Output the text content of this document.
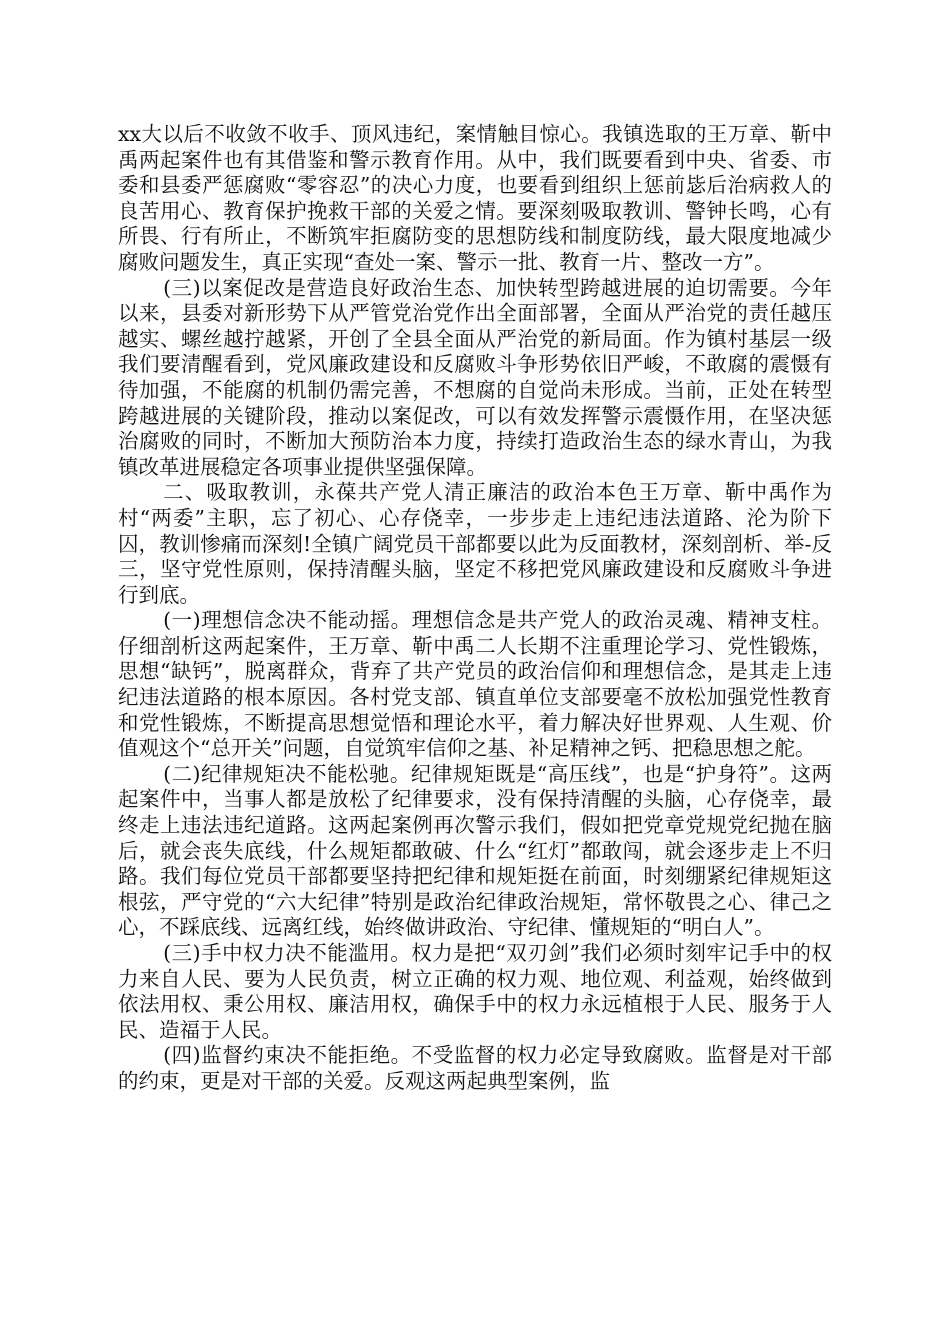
xx大以后不收敛不收手、顶风违纪，案情触目惊心。我镇选取的王万章、靳中禹两起案件也有其借鉴和警示教育作用。从中，我们既要看到中央、省委、市委和县委严惩腐败“零容忍”的决心力度，也要看到组织上惩前毖后治病救人的良苦用心、教育保护挽救干部的关爱之情。要深刻吸取教训、警钟长鸣，心有所畏、行有所止，不断筑牢拒腐防变的思想防线和制度防线，最大限度地减少腐败问题发生，真正实现“查处一案、警示一批、教育一片、整改一方”。

(三)以案促改是营造良好政治生态、加快转型跨越进展的迫切需要。今年以来，县委对新形势下从严管党治党作出全面部署，全面从严治党的责任越压越实、螺丝越拧越紧，开创了全县全面从严治党的新局面。作为镇村基层一级我们要清醒看到，党风廉政建设和反腐败斗争形势依旧严峻，不敢腐的震慑有待加强，不能腐的机制仍需完善，不想腐的自觉尚未形成。当前，正处在转型跨越进展的关键阶段，推动以案促改，可以有效发挥警示震慑作用，在坚决惩治腐败的同时，不断加大预防治本力度，持续打造政治生态的绿水青山，为我镇改革进展稳定各项事业提供坚强保障。

二、吸取教训，永葆共产党人清正廉洁的政治本色王万章、靳中禹作为村“两委”主职，忘了初心、心存侥幸，一步步走上违纪违法道路、沦为阶下囚，教训惨痛而深刻!全镇广阔党员干部都要以此为反面教材，深刻剖析、举-反三，坚守党性原则，保持清醒头脑，坚定不移把党风廉政建设和反腐败斗争进行到底。

(一)理想信念决不能动摇。理想信念是共产党人的政治灵魂、精神支柱。仔细剖析这两起案件，王万章、靳中禹二人长期不注重理论学习、党性锻炼，思想“缺钙”，脱离群众，背弃了共产党员的政治信仰和理想信念，是其走上违纪违法道路的根本原因。各村党支部、镇直单位支部要毫不放松加强党性教育和党性锻炼，不断提高思想觉悟和理论水平，着力解决好世界观、人生观、价值观这个“总开关”问题，自觉筑牢信仰之基、补足精神之钙、把稳思想之舵。

(二)纪律规矩决不能松驰。纪律规矩既是“高压线”，也是“护身符”。这两起案件中，当事人都是放松了纪律要求，没有保持清醒的头脑，心存侥幸，最终走上违法违纪道路。这两起案例再次警示我们，假如把党章党规党纪抛在脑后，就会丧失底线，什么规矩都敢破、什么“红灯”都敢闯，就会逐步走上不归路。我们每位党员干部都要坚持把纪律和规矩挺在前面，时刻绷紧纪律规矩这根弦，严守党的“六大纪律”特别是政治纪律政治规矩，常怀敬畏之心、律己之心，不踩底线、远离红线，始终做讲政治、守纪律、懂规矩的“明白人”。

(三)手中权力决不能滥用。权力是把“双刃剑”我们必须时刻牢记手中的权力来自人民、要为人民负责，树立正确的权力观、地位观、利益观，始终做到依法用权、秉公用权、廉洁用权，确保手中的权力永远植根于人民、服务于人民、造福于人民。

(四)监督约束决不能拒绝。不受监督的权力必定导致腐败。监督是对干部的约束，更是对干部的关爱。反观这两起典型案例，监
